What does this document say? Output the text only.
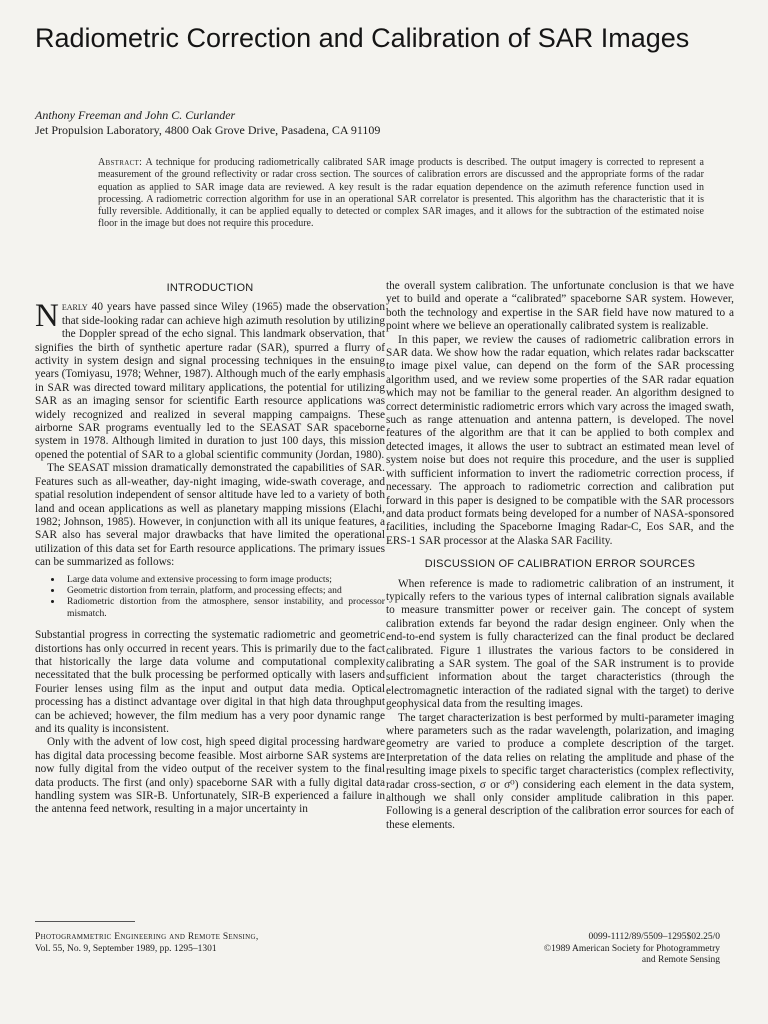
Radiometric Correction and Calibration of SAR Images
Anthony Freeman and John C. Curlander
Jet Propulsion Laboratory, 4800 Oak Grove Drive, Pasadena, CA 91109

Abstract: A technique for producing radiometrically calibrated SAR image products is described. The output imagery is corrected to represent a measurement of the ground reflectivity or radar cross section. The sources of calibration errors are discussed and the appropriate forms of the radar equation as applied to SAR image data are reviewed. A key result is the radar equation dependence on the azimuth reference function used in processing. A radiometric correction algorithm for use in an operational SAR correlator is presented. This algorithm has the characteristic that it is fully reversible. Additionally, it can be applied equally to detected or complex SAR images, and it allows for the subtraction of the estimated noise floor in the image but does not require this procedure.

INTRODUCTION

Nearly 40 years have passed since Wiley (1965) made the observation that side-looking radar can achieve high azimuth resolution by utilizing the Doppler spread of the echo signal. This landmark observation, that signifies the birth of synthetic aperture radar (SAR), spurred a flurry of activity in system design and signal processing techniques in the ensuing years (Tomiyasu, 1978; Wehner, 1987). Although much of the early emphasis in SAR was directed toward military applications, the potential for utilizing SAR as an imaging sensor for scientific Earth resource applications was widely recognized and realized in several mapping campaigns. These airborne SAR programs eventually led to the SEASAT SAR spaceborne system in 1978. Although limited in duration to just 100 days, this mission opened the potential of SAR to a global scientific community (Jordan, 1980).

The SEASAT mission dramatically demonstrated the capabilities of SAR. Features such as all-weather, day-night imaging, wide-swath coverage, and spatial resolution independent of sensor altitude have led to a variety of both land and ocean applications as well as planetary mapping missions (Elachi, 1982; Johnson, 1985). However, in conjunction with all its unique features, a SAR also has several major drawbacks that have limited the operational utilization of this data set for Earth resource applications. The primary issues can be summarized as follows:

• Large data volume and extensive processing to form image products;
• Geometric distortion from terrain, platform, and processing effects; and
• Radiometric distortion from the atmosphere, sensor instability, and processor mismatch.

Substantial progress in correcting the systematic radiometric and geometric distortions has only occurred in recent years. This is primarily due to the fact that historically the large data volume and computational complexity necessitated that the bulk processing be performed optically with lasers and Fourier lenses using film as the input and output data media. Optical processing has a distinct advantage over digital in that high data throughput can be achieved; however, the film medium has a very poor dynamic range and its quality is inconsistent.

Only with the advent of low cost, high speed digital processing hardware has digital data processing become feasible. Most airborne SAR systems are now fully digital from the video output of the receiver system to the final data products. The first (and only) spaceborne SAR with a fully digital data handling system was SIR-B. Unfortunately, SIR-B experienced a failure in the antenna feed network, resulting in a major uncertainty in

the overall system calibration. The unfortunate conclusion is that we have yet to build and operate a “calibrated” spaceborne SAR system. However, both the technology and expertise in the SAR field have now matured to a point where we believe an operationally calibrated system is realizable.

In this paper, we review the causes of radiometric calibration errors in SAR data. We show how the radar equation, which relates radar backscatter to image pixel value, can depend on the form of the SAR processing algorithm used, and we review some properties of the SAR radar equation which may not be familiar to the general reader. An algorithm designed to correct deterministic radiometric errors which vary across the imaged swath, such as range attenuation and antenna pattern, is developed. The novel features of the algorithm are that it can be applied to both complex and detected images, it allows the user to subtract an estimated mean level of system noise but does not require this procedure, and the user is supplied with sufficient information to invert the radiometric correction process, if necessary. The approach to radiometric correction and calibration put forward in this paper is designed to be compatible with the SAR processors and data product formats being developed for a number of NASA-sponsored facilities, including the Spaceborne Imaging Radar-C, Eos SAR, and the ERS-1 SAR processor at the Alaska SAR Facility.

DISCUSSION OF CALIBRATION ERROR SOURCES

When reference is made to radiometric calibration of an instrument, it typically refers to the various types of internal calibration signals available to measure transmitter power or receiver gain. The concept of system calibration extends far beyond the radar design engineer. Only when the end-to-end system is fully characterized can the final product be declared calibrated. Figure 1 illustrates the various factors to be considered in calibrating a SAR system. The goal of the SAR instrument is to provide sufficient information about the target characteristics (through the electromagnetic interaction of the radiated signal with the target) to derive geophysical data from the resulting images.

The target characterization is best performed by multi-parameter imaging where parameters such as the radar wavelength, polarization, and imaging geometry are varied to produce a complete description of the target. Interpretation of the data relies on relating the amplitude and phase of the resulting image pixels to specific target characteristics (complex reflectivity, radar cross-section, σ or σ⁰) considering each element in the data system, although we shall only consider amplitude calibration in this paper. Following is a general description of the calibration error sources for each of these elements.

Photogrammetric Engineering and Remote Sensing,
Vol. 55, No. 9, September 1989, pp. 1295–1301
0099-1112/89/5509–1295$02.25/0
©1989 American Society for Photogrammetry
and Remote Sensing
